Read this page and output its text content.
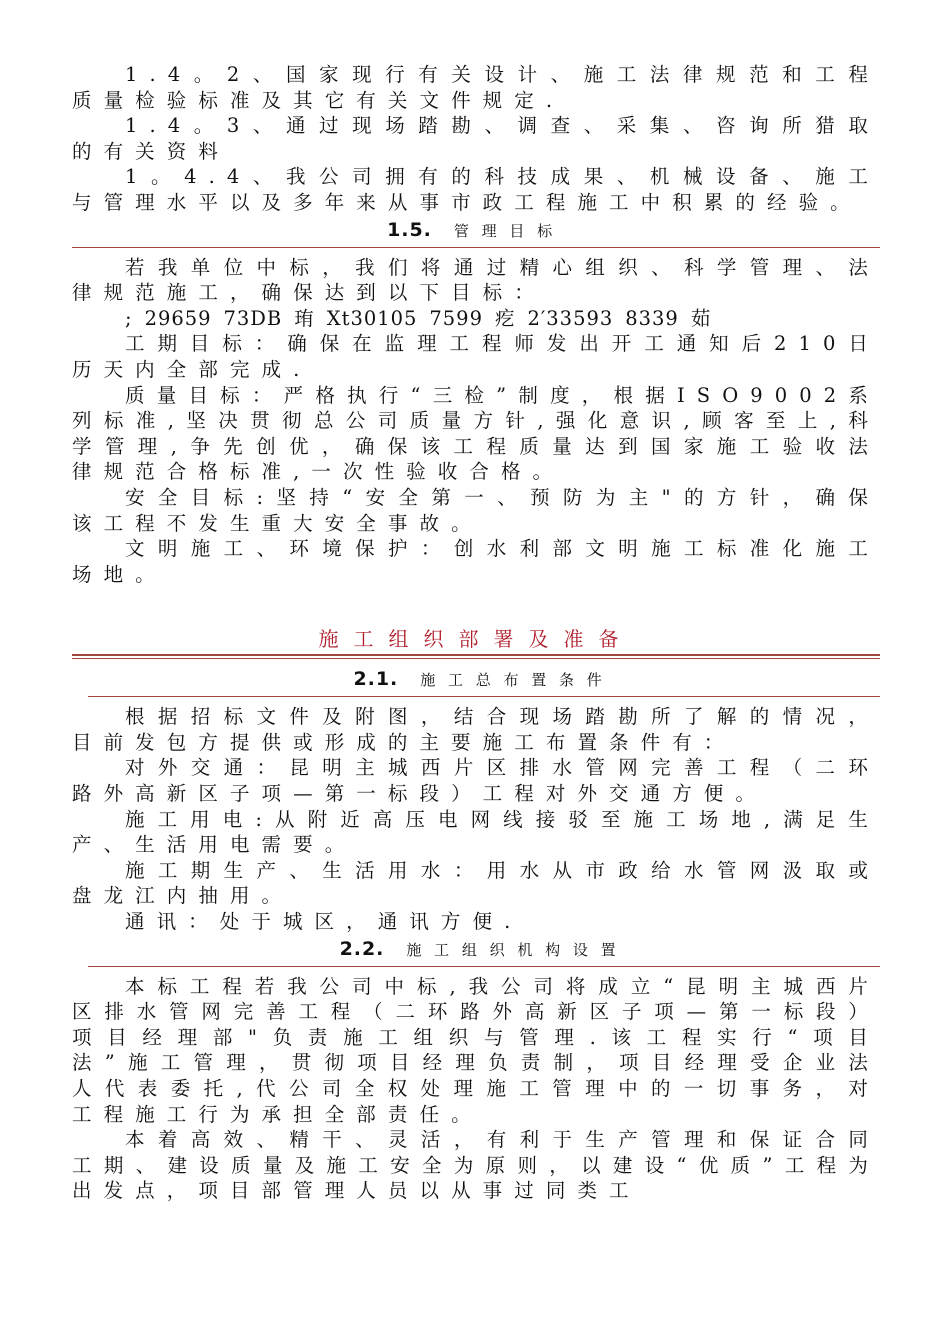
1.4。2、国家现行有关设计、施工法律规范和工程质量检验标准及其它有关文件规定.

1.4。3、通过现场踏勘、调查、采集、咨询所猎取的有关资料

1。4.4、我公司拥有的科技成果、机械设备、施工与管理水平以及多年来从事市政工程施工中积累的经验。

1.5. 管理目标

若我单位中标，我们将通过精心组织、科学管理、法律规范施工，确保达到以下目标：

; 29659 73DB 珛 Xt30105 7599 疙 2′33593 8339 茹

工期目标：确保在监理工程师发出开工通知后210日历天内全部完成.

质量目标：严格执行“三检”制度，根据ISO9002系列标准,坚决贯彻总公司质量方针,强化意识,顾客至上,科学管理,争先创优，确保该工程质量达到国家施工验收法律规范合格标准,一次性验收合格。

安全目标:坚持“安全第一、预防为主"的方针，确保该工程不发生重大安全事故。

文明施工、环境保护：创水利部文明施工标准化施工场地。

施工组织部署及准备
2.1. 施工总布置条件

根据招标文件及附图，结合现场踏勘所了解的情况，目前发包方提供或形成的主要施工布置条件有：

对外交通：昆明主城西片区排水管网完善工程（二环路外高新区子项—第一标段）工程对外交通方便。

施工用电:从附近高压电网线接驳至施工场地,满足生产、生活用电需要。

施工期生产、生活用水：用水从市政给水管网汲取或盘龙江内抽用。

通讯：处于城区，通讯方便.

2.2. 施工组织机构设置

本标工程若我公司中标,我公司将成立“昆明主城西片区排水管网完善工程（二环路外高新区子项—第一标段）项目经理部"负责施工组织与管理.该工程实行“项目法”施工管理，贯彻项目经理负责制，项目经理受企业法人代表委托,代公司全权处理施工管理中的一切事务，对工程施工行为承担全部责任。

本着高效、精干、灵活，有利于生产管理和保证合同工期、建设质量及施工安全为原则，以建设“优质”工程为出发点，项目部管理人员以从事过同类工
